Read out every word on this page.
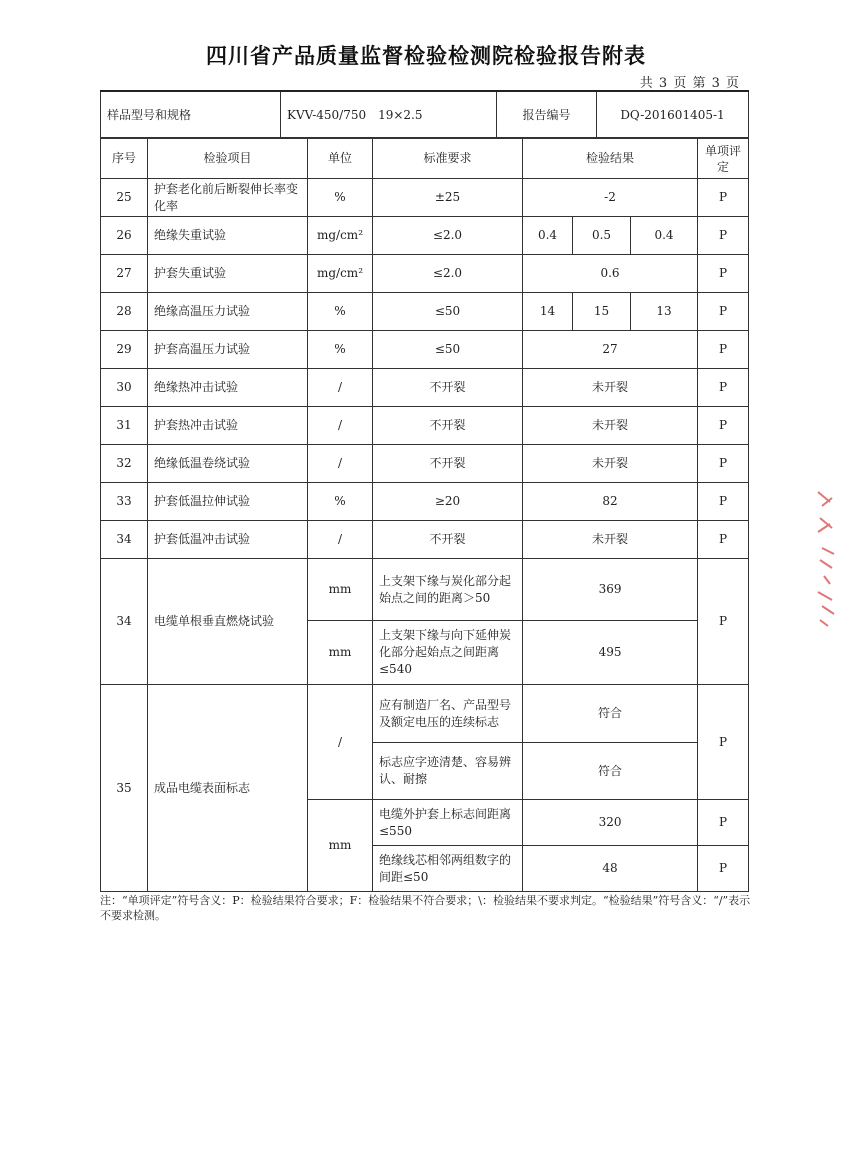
四川省产品质量监督检验检测院检验报告附表
共 3 页 第 3 页
样品型号和规格	KVV-450/750　19×2.5	报告编号	DQ-201601405-1
序号	检验项目	单位	标准要求	检验结果			单项评定
25	护套老化前后断裂伸长率变化率	%	±25	-2			P
26	绝缘失重试验	mg/cm²	≤2.0	0.4	0.5	0.4	P
27	护套失重试验	mg/cm²	≤2.0	0.6			P
28	绝缘高温压力试验	%	≤50	14	15	13	P
29	护套高温压力试验	%	≤50	27			P
30	绝缘热冲击试验	/	不开裂	未开裂			P
31	护套热冲击试验	/	不开裂	未开裂			P
32	绝缘低温卷绕试验	/	不开裂	未开裂			P
33	护套低温拉伸试验	%	≥20	82			P
34	护套低温冲击试验	/	不开裂	未开裂			P
34	电缆单根垂直燃烧试验	mm	上支架下缘与炭化部分起始点之间的距离＞50	369			P
		mm	上支架下缘与向下延伸炭化部分起始点之间距离≤540	495			
35	成品电缆表面标志	/	应有制造厂名、产品型号及额定电压的连续标志	符合			P
			标志应字迹清楚、容易辨认、耐擦	符合			
		mm	电缆外护套上标志间距离≤550	320			P
			绝缘线芯相邻两组数字的间距≤50	48			P
注：“单项评定”符号含义：P：检验结果符合要求；F：检验结果不符合要求；\：检验结果不要求判定。“检验结果”符号含义：“/”表示不要求检测。
